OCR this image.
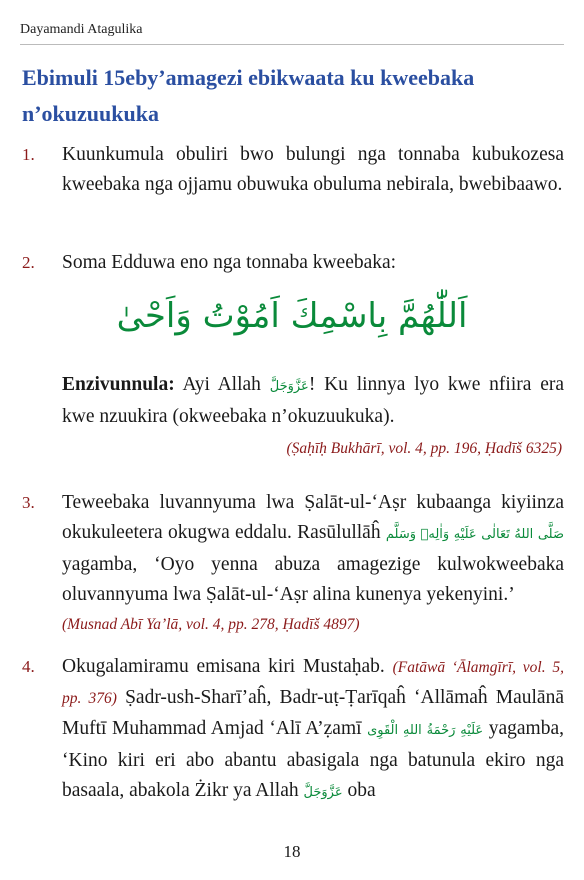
Dayamandi Atagulika
Ebimuli 15eby’amagezi ebikwaata ku kweebaka n’okuzuukuka
1. Kuunkumula obuliri bwo bulungi nga tonnaba kubukozesa kweebaka nga ojjamu obuwuka obuluma nebirala, bwebibaawo.
2. Soma Edduwa eno nga tonnaba kweebaka:
اَللّٰھُمَّ بِاسْمِكَ اَمُوْتُ وَاَحْیٰ
Enzivunnula: Ayi Allah عَزَّوَجَلَّ! Ku linnya lyo kwe nfiira era kwe nzuukira (okweebaka n’okuzuukuka).
(Ṣaḥīḥ Bukhārī, vol. 4, pp. 196, Ḥadīš 6325)
3. Teweebaka luvannyuma lwa Ṣalāt-ul-‘Aṣr kubaanga kiyiinza okukuleetera okugwa eddalu. Rasūlullāĥ صَلَّى اللهُ تَعَالٰی عَلَیْهِ وَاٰلِهٖ وَسَلَّم yagamba, ‘Oyo yenna abuza amagezige kulwokweebaka oluvannyuma lwa Ṣalāt-ul-‘Aṣr alina kunenya yekenyini.’
(Musnad Abī Ya’lā, vol. 4, pp. 278, Ḥadīš 4897)
4. Okugalamiramu emisana kiri Mustaḥab. (Fatāwā ‘Ālamgīrī, vol. 5, pp. 376) Ṣadr-ush-Sharī’aĥ, Badr-uṭ-Ṭarīqaĥ ‘Allāmaĥ Maulānā Muftī Muhammad Amjad ‘Alī A’ẓamī عَلَیْهِ رَحْمَةُ اللهِ الْقَوِی yagamba, ‘Kino kiri eri abo abantu abasigala nga batunula ekiro nga basaala, abakola Żikr ya Allah عَزَّوَجَلَّ oba
18
